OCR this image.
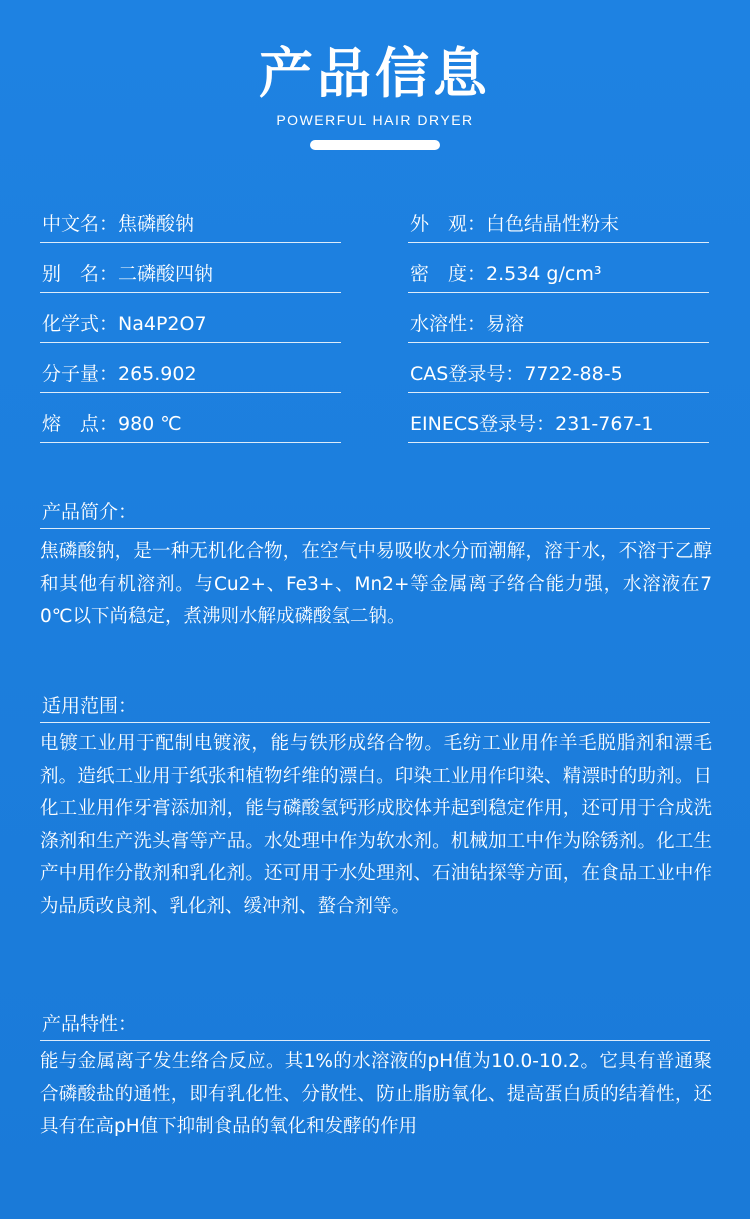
产品信息
POWERFUL HAIR DRYER
中文名：焦磷酸钠
别　名：二磷酸四钠
化学式：Na4P2O7
分子量：265.902
熔　点：980 ℃
外　观：白色结晶性粉末
密　度：2.534 g/cm³
水溶性：易溶
CAS登录号：7722-88-5
EINECS登录号：231-767-1
产品简介：
焦磷酸钠，是一种无机化合物，在空气中易吸收水分而潮解，溶于水，不溶于乙醇和其他有机溶剂。与Cu2+、Fe3+、Mn2+等金属离子络合能力强，水溶液在70℃以下尚稳定，煮沸则水解成磷酸氢二钠。
适用范围：
电镀工业用于配制电镀液，能与铁形成络合物。毛纺工业用作羊毛脱脂剂和漂毛剂。造纸工业用于纸张和植物纤维的漂白。印染工业用作印染、精漂时的助剂。日化工业用作牙膏添加剂，能与磷酸氢钙形成胶体并起到稳定作用，还可用于合成洗涤剂和生产洗头膏等产品。水处理中作为软水剂。机械加工中作为除锈剂。化工生产中用作分散剂和乳化剂。还可用于水处理剂、石油钻探等方面，在食品工业中作为品质改良剂、乳化剂、缓冲剂、螯合剂等。
产品特性：
能与金属离子发生络合反应。其1%的水溶液的pH值为10.0-10.2。它具有普通聚合磷酸盐的通性，即有乳化性、分散性、防止脂肪氧化、提高蛋白质的结着性，还具有在高pH值下抑制食品的氧化和发酵的作用
